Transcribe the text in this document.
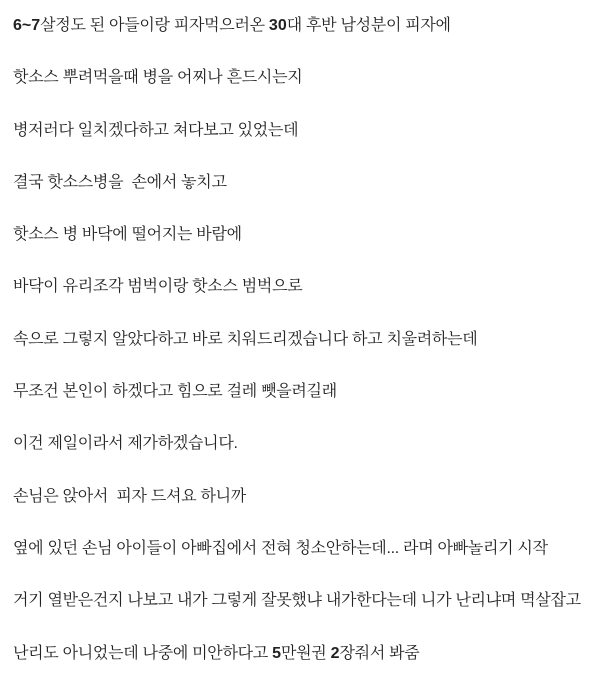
6~7살정도 된 아들이랑 피자먹으러온 30대 후반 남성분이 피자에

핫소스 뿌려먹을때 병을 어찌나 흔드시는지

병저러다 일치겠다하고 쳐다보고 있었는데

결국 핫소스병을  손에서 놓치고

핫소스 병 바닥에 떨어지는 바람에

바닥이 유리조각 범벅이랑 핫소스 범벅으로

속으로 그렇지 알았다하고 바로 치워드리겠습니다 하고 치울려하는데

무조건 본인이 하겠다고 힘으로 걸레 뺏을려길래

이건 제일이라서 제가하겠습니다.

손님은 앉아서  피자 드셔요 하니까

옆에 있던 손님 아이들이 아빠집에서 전혀 청소안하는데... 라며 아빠놀리기 시작

거기 열받은건지 나보고 내가 그렇게 잘못했냐 내가한다는데 니가 난리냐며 멱살잡고

난리도 아니었는데 나중에 미안하다고 5만원권 2장줘서 봐줌
